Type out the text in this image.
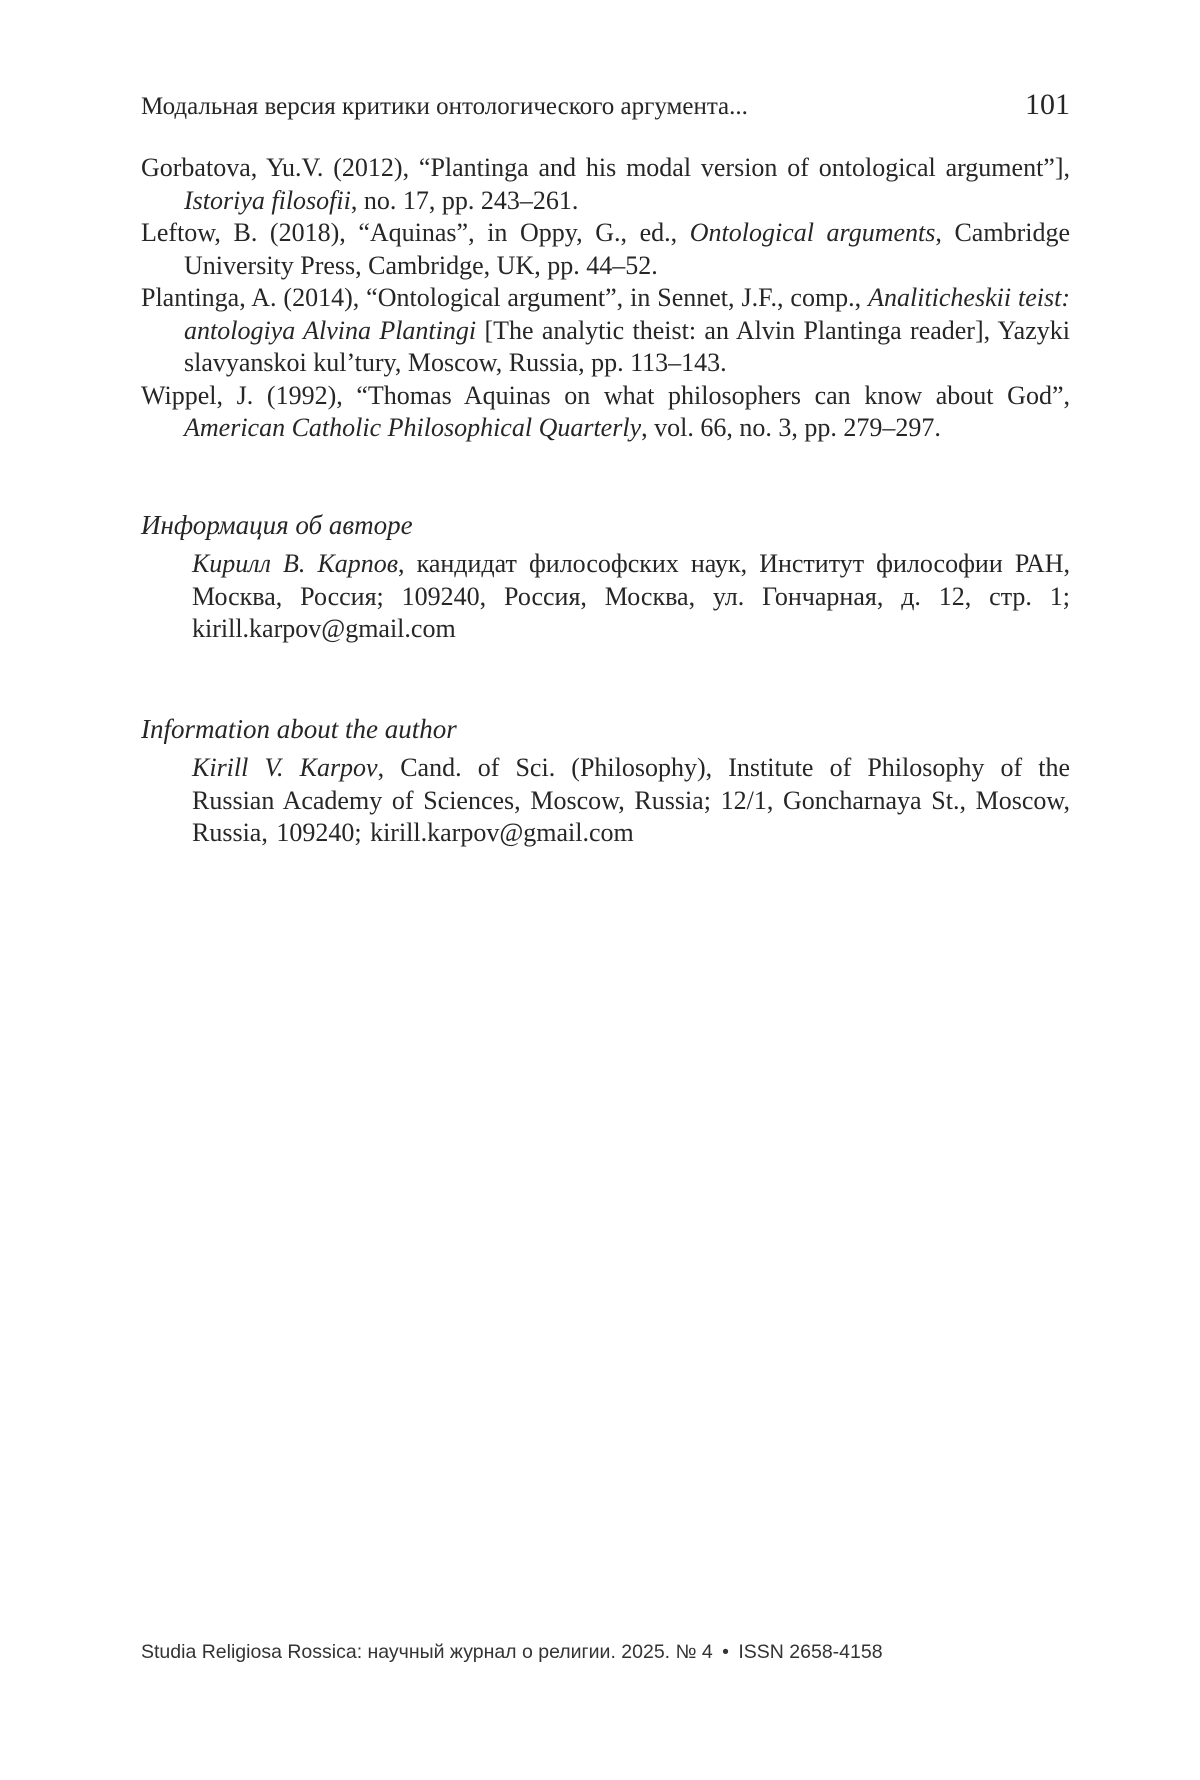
Модальная версия критики онтологического аргумента...	101

Gorbatova, Yu.V. (2012), “Plantinga and his modal version of ontological argument”], Istoriya filosofii, no. 17, pp. 243–261.

Leftow, B. (2018), “Aquinas”, in Oppy, G., ed., Ontological arguments, Cambridge University Press, Cambridge, UK, pp. 44–52.

Plantinga, A. (2014), “Ontological argument”, in Sennet, J.F., comp., Analiticheskii teist: antologiya Alvina Plantingi [The analytic theist: an Alvin Plantinga reader], Yazyki slavyanskoi kul’tury, Moscow, Russia, pp. 113–143.

Wippel, J. (1992), “Thomas Aquinas on what philosophers can know about God”, American Catholic Philosophical Quarterly, vol. 66, no. 3, pp. 279–297.

Информация об авторе

Кирилл В. Карпов, кандидат философских наук, Институт философии РАН, Москва, Россия; 109240, Россия, Москва, ул. Гончарная, д. 12, стр. 1; kirill.karpov@gmail.com

Information about the author

Kirill V. Karpov, Cand. of Sci. (Philosophy), Institute of Philosophy of the Russian Academy of Sciences, Moscow, Russia; 12/1, Goncharnaya St., Moscow, Russia, 109240; kirill.karpov@gmail.com

Studia Religiosa Rossica: научный журнал о религии. 2025. № 4 • ISSN 2658-4158
